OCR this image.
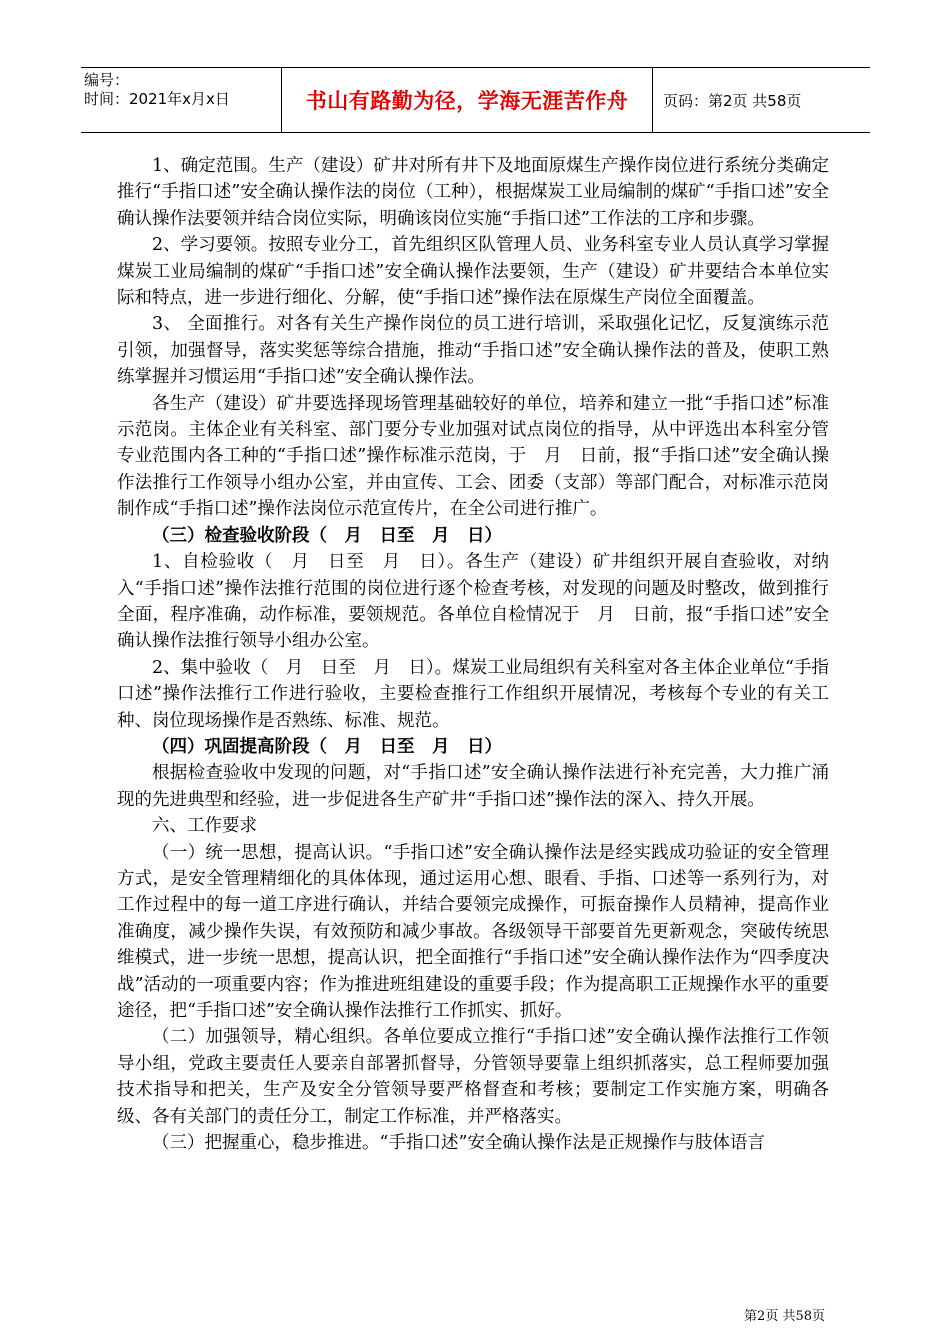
编号：
时间：2021年x月x日	书山有路勤为径，学海无涯苦作舟	页码：第2页 共58页

1、确定范围。生产（建设）矿井对所有井下及地面原煤生产操作岗位进行系统分类确定推行“手指口述”安全确认操作法的岗位（工种），根据煤炭工业局编制的煤矿“手指口述”安全确认操作法要领并结合岗位实际，明确该岗位实施“手指口述”工作法的工序和步骤。

2、学习要领。按照专业分工，首先组织区队管理人员、业务科室专业人员认真学习掌握煤炭工业局编制的煤矿“手指口述”安全确认操作法要领，生产（建设）矿井要结合本单位实际和特点，进一步进行细化、分解，使“手指口述”操作法在原煤生产岗位全面覆盖。

3、 全面推行。对各有关生产操作岗位的员工进行培训，采取强化记忆，反复演练示范引领，加强督导，落实奖惩等综合措施，推动“手指口述”安全确认操作法的普及，使职工熟练掌握并习惯运用“手指口述”安全确认操作法。

各生产（建设）矿井要选择现场管理基础较好的单位，培养和建立一批“手指口述”标准示范岗。主体企业有关科室、部门要分专业加强对试点岗位的指导，从中评选出本科室分管专业范围内各工种的“手指口述”操作标准示范岗，于　月　日前，报“手指口述”安全确认操作法推行工作领导小组办公室，并由宣传、工会、团委（支部）等部门配合，对标准示范岗制作成“手指口述”操作法岗位示范宣传片，在全公司进行推广。

（三）检查验收阶段（　月　日至　月　日）

1、自检验收（　月　日至　月　日）。各生产（建设）矿井组织开展自查验收，对纳入“手指口述”操作法推行范围的岗位进行逐个检查考核，对发现的问题及时整改，做到推行全面，程序准确，动作标准，要领规范。各单位自检情况于　月　日前，报“手指口述”安全确认操作法推行领导小组办公室。

2、集中验收（　月　日至　月　日）。煤炭工业局组织有关科室对各主体企业单位“手指口述”操作法推行工作进行验收，主要检查推行工作组织开展情况，考核每个专业的有关工种、岗位现场操作是否熟练、标准、规范。

（四）巩固提高阶段（　月　日至　月　日）

根据检查验收中发现的问题，对“手指口述”安全确认操作法进行补充完善，大力推广涌现的先进典型和经验，进一步促进各生产矿井“手指口述”操作法的深入、持久开展。

六、工作要求

（一）统一思想，提高认识。“手指口述”安全确认操作法是经实践成功验证的安全管理方式，是安全管理精细化的具体体现，通过运用心想、眼看、手指、口述等一系列行为，对工作过程中的每一道工序进行确认，并结合要领完成操作，可振奋操作人员精神，提高作业准确度，减少操作失误，有效预防和减少事故。各级领导干部要首先更新观念，突破传统思维模式，进一步统一思想，提高认识，把全面推行“手指口述”安全确认操作法作为“四季度决战”活动的一项重要内容；作为推进班组建设的重要手段；作为提高职工正规操作水平的重要途径，把“手指口述”安全确认操作法推行工作抓实、抓好。

（二）加强领导，精心组织。各单位要成立推行“手指口述”安全确认操作法推行工作领导小组，党政主要责任人要亲自部署抓督导，分管领导要靠上组织抓落实，总工程师要加强技术指导和把关，生产及安全分管领导要严格督查和考核；要制定工作实施方案，明确各级、各有关部门的责任分工，制定工作标准，并严格落实。

（三）把握重心，稳步推进。“手指口述”安全确认操作法是正规操作与肢体语言

第2页 共58页
